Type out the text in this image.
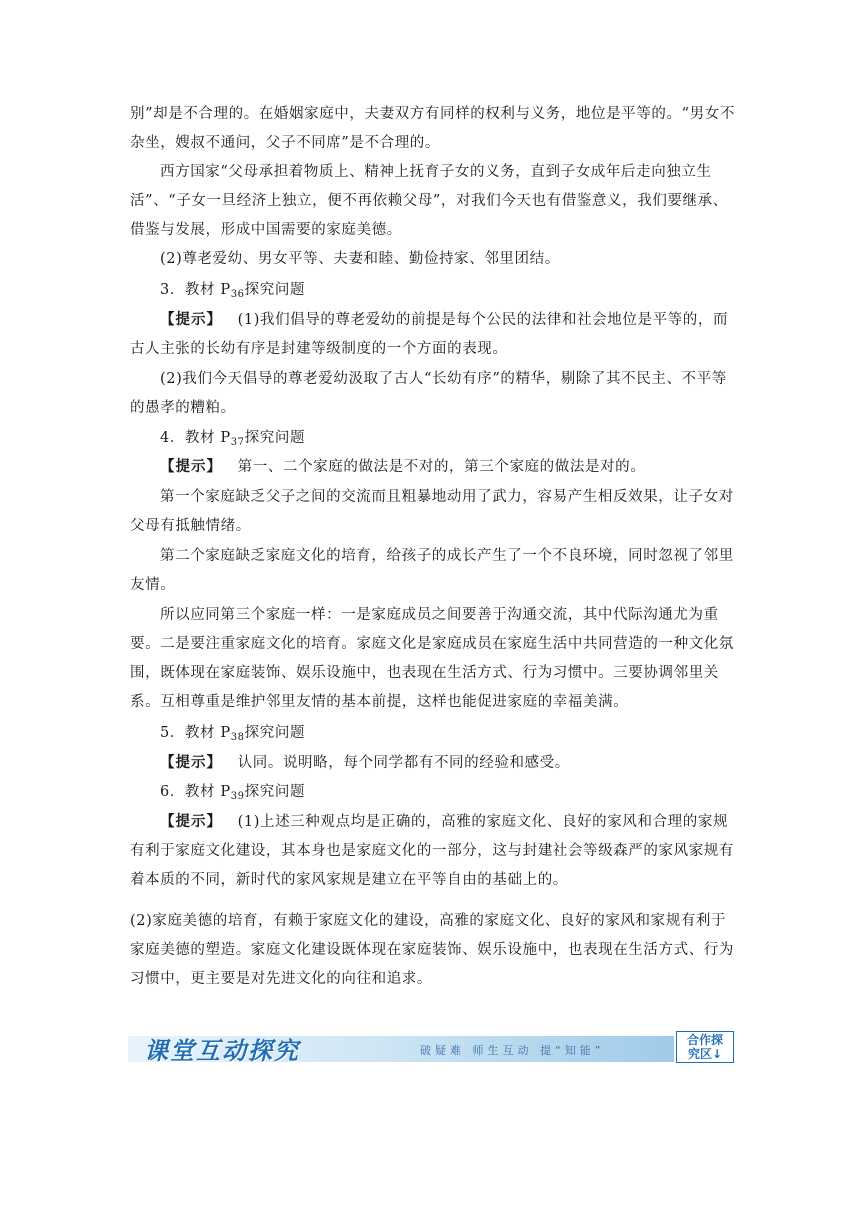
别”却是不合理的。在婚姻家庭中，夫妻双方有同样的权利与义务，地位是平等的。“男女不杂坐，嫂叔不通问，父子不同席”是不合理的。

西方国家“父母承担着物质上、精神上抚育子女的义务，直到子女成年后走向独立生活”、“子女一旦经济上独立，便不再依赖父母”，对我们今天也有借鉴意义，我们要继承、借鉴与发展，形成中国需要的家庭美德。

(2)尊老爱幼、男女平等、夫妻和睦、勤俭持家、邻里团结。

3．教材 $P_{36}$探究问题

【提示】 (1)我们倡导的尊老爱幼的前提是每个公民的法律和社会地位是平等的，而古人主张的长幼有序是封建等级制度的一个方面的表现。

(2)我们今天倡导的尊老爱幼汲取了古人“长幼有序”的精华，剔除了其不民主、不平等的愚孝的糟粕。

4．教材 $P_{37}$探究问题

【提示】 第一、二个家庭的做法是不对的，第三个家庭的做法是对的。

第一个家庭缺乏父子之间的交流而且粗暴地动用了武力，容易产生相反效果，让子女对父母有抵触情绪。

第二个家庭缺乏家庭文化的培育，给孩子的成长产生了一个不良环境，同时忽视了邻里友情。

所以应同第三个家庭一样：一是家庭成员之间要善于沟通交流，其中代际沟通尤为重要。二是要注重家庭文化的培育。家庭文化是家庭成员在家庭生活中共同营造的一种文化氛围，既体现在家庭装饰、娱乐设施中，也表现在生活方式、行为习惯中。三要协调邻里关系。互相尊重是维护邻里友情的基本前提，这样也能促进家庭的幸福美满。

5．教材 $P_{38}$探究问题

【提示】 认同。说明略，每个同学都有不同的经验和感受。

6．教材 $P_{39}$探究问题

【提示】 (1)上述三种观点均是正确的，高雅的家庭文化、良好的家风和合理的家规有利于家庭文化建设，其本身也是家庭文化的一部分，这与封建社会等级森严的家风家规有着本质的不同，新时代的家风家规是建立在平等自由的基础上的。

(2)家庭美德的培育，有赖于家庭文化的建设，高雅的家庭文化、良好的家风和家规有利于家庭美德的塑造。家庭文化建设既体现在家庭装饰、娱乐设施中，也表现在生活方式、行为习惯中，更主要是对先进文化的向往和追求。

课堂互动探究	破疑难 师生互动 提“知能”
合作探
究区↓
